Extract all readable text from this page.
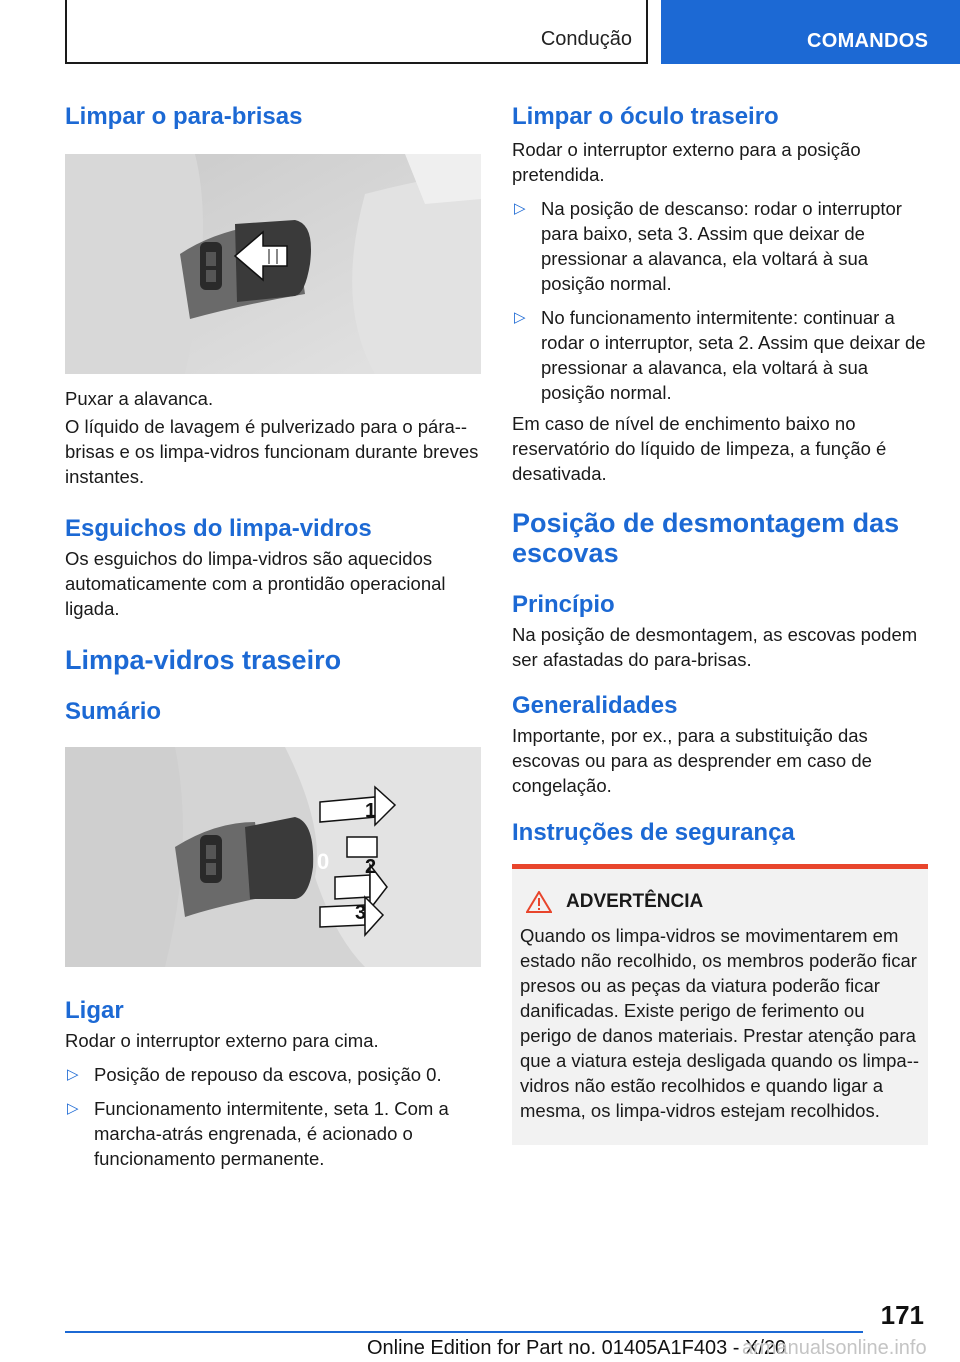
Condução	COMANDOS
Limpar o para-brisas

Puxar a alavanca.

O líquido de lavagem é pulverizado para o pára--brisas e os limpa-vidros funcionam durante breves instantes.

Esguichos do limpa-vidros

Os esguichos do limpa-vidros são aquecidos automaticamente com a prontidão operacional ligada.

Limpa-vidros traseiro
Sumário
1
0 2
3
Ligar

Rodar o interruptor externo para cima.

▷ Posição de repouso da escova, posição 0.
▷ Funcionamento intermitente, seta 1. Com a marcha-atrás engrenada, é acionado o funcionamento permanente.
Limpar o óculo traseiro

Rodar o interruptor externo para a posição pretendida.

▷ Na posição de descanso: rodar o interruptor para baixo, seta 3. Assim que deixar de pressionar a alavanca, ela voltará à sua posição normal.
▷ No funcionamento intermitente: continuar a rodar o interruptor, seta 2. Assim que deixar de pressionar a alavanca, ela voltará à sua posição normal.

Em caso de nível de enchimento baixo no reservatório do líquido de limpeza, a função é desativada.

Posição de desmontagem das escovas
Princípio

Na posição de desmontagem, as escovas podem ser afastadas do para-brisas.

Generalidades

Importante, por ex., para a substituição das escovas ou para as desprender em caso de congelação.

Instruções de segurança
ADVERTÊNCIA

Quando os limpa-vidros se movimentarem em estado não recolhido, os membros poderão ficar presos ou as peças da viatura poderão ficar danificadas. Existe perigo de ferimento ou perigo de danos materiais. Prestar atenção para que a viatura esteja desligada quando os limpa--vidros não estão recolhidos e quando ligar a mesma, os limpa-vidros estejam recolhidos.

171
Online Edition for Part no. 01405A1F403 - X/20
armanualsonline.info
